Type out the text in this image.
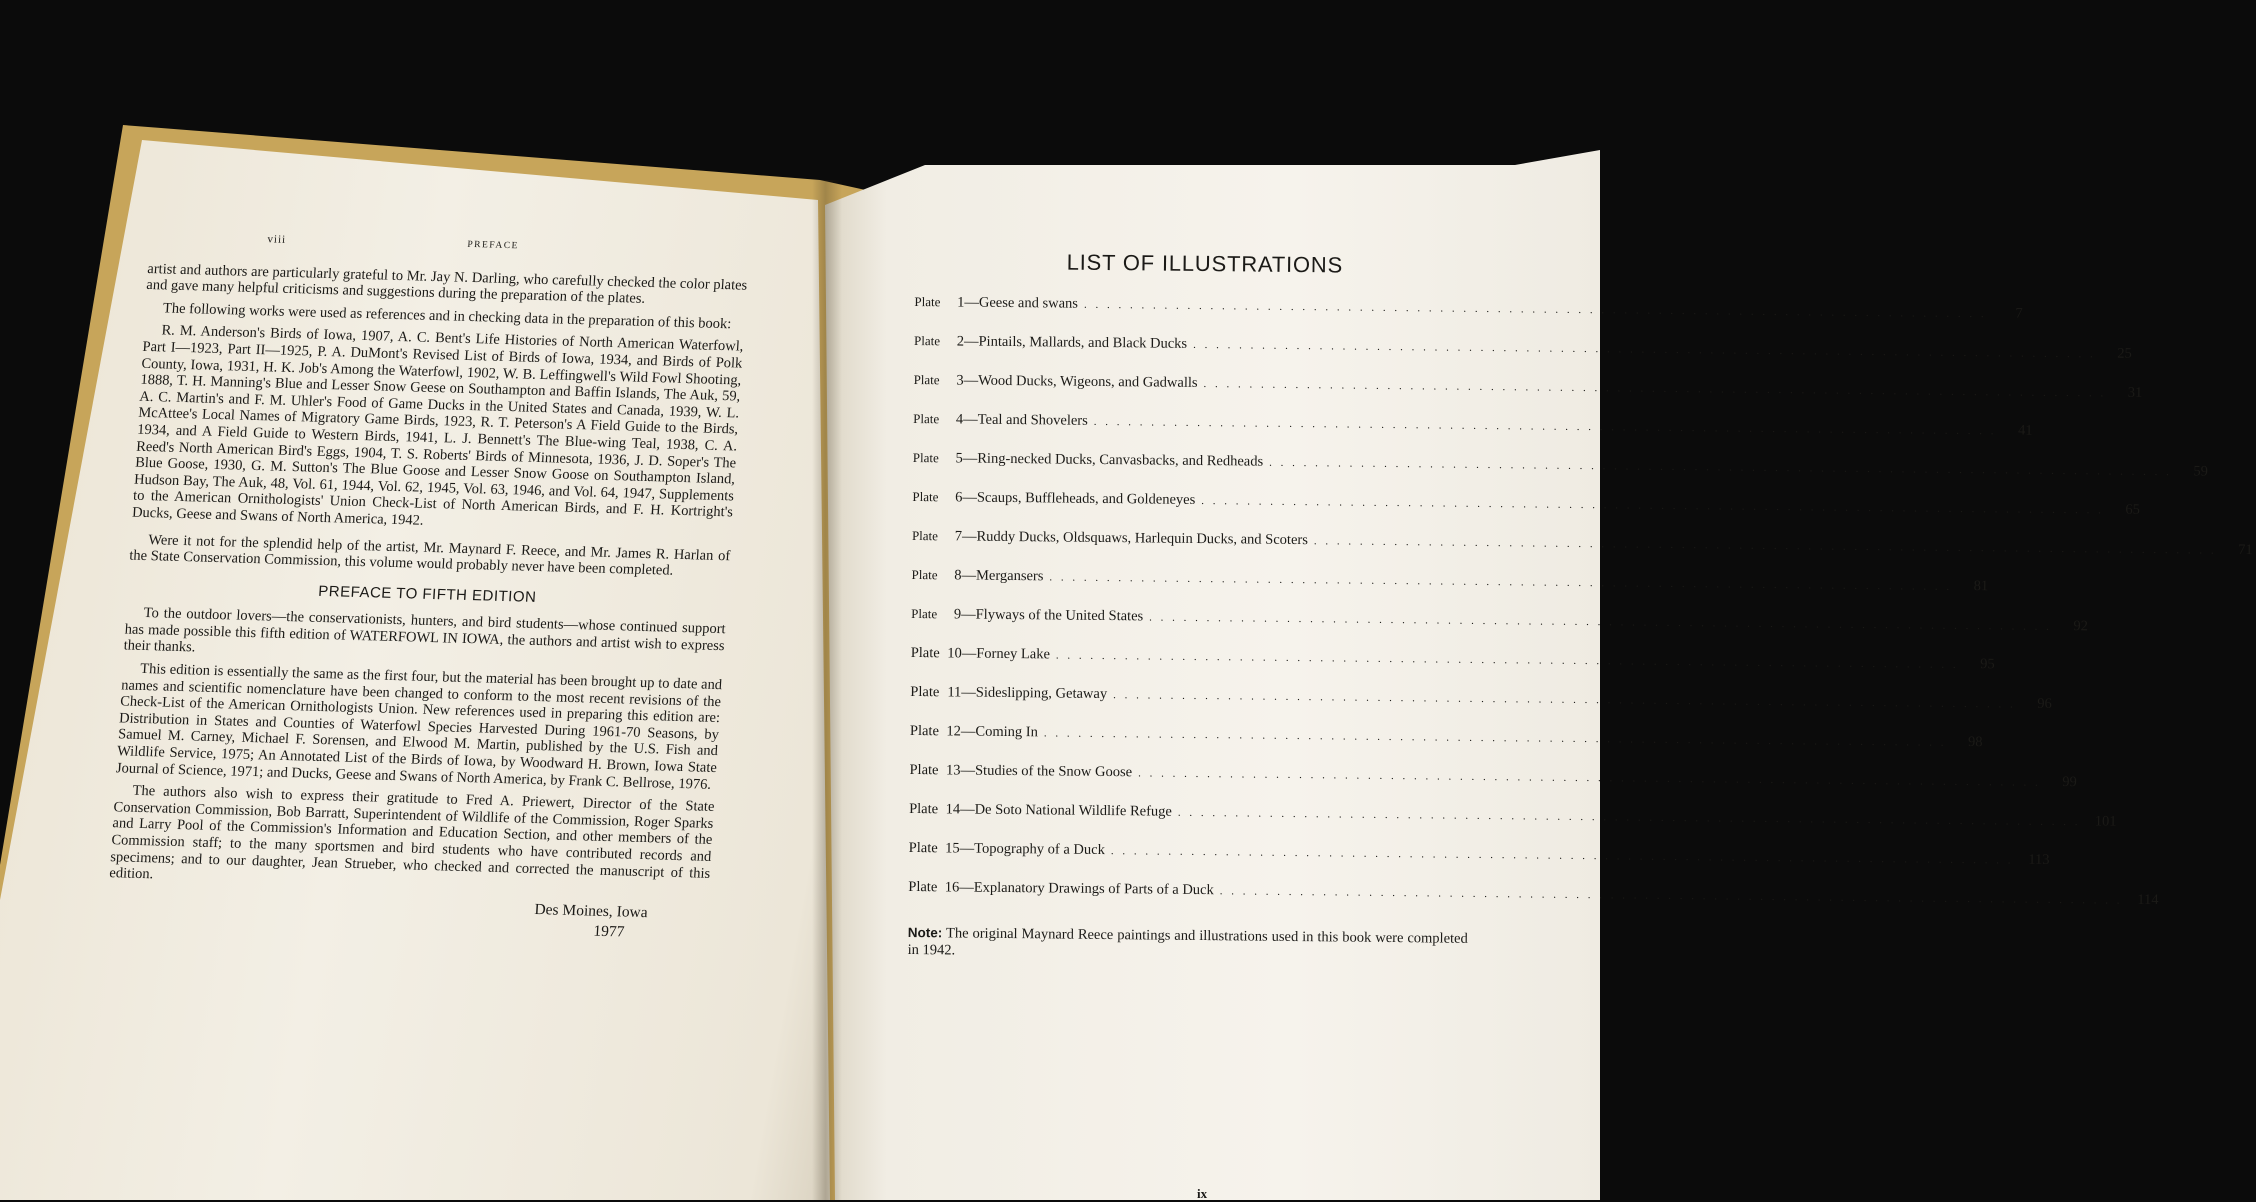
viii	PREFACE

artist and authors are particularly grateful to Mr. Jay N. Darling, who carefully checked the color plates and gave many helpful criticisms and suggestions during the preparation of the plates.

The following works were used as references and in checking data in the preparation of this book:

R. M. Anderson's Birds of Iowa, 1907, A. C. Bent's Life Histories of North American Waterfowl, Part I—1923, Part II—1925, P. A. DuMont's Revised List of Birds of Iowa, 1934, and Birds of Polk County, Iowa, 1931, H. K. Job's Among the Waterfowl, 1902, W. B. Leffingwell's Wild Fowl Shooting, 1888, T. H. Manning's Blue and Lesser Snow Geese on Southampton and Baffin Islands, The Auk, 59, A. C. Martin's and F. M. Uhler's Food of Game Ducks in the United States and Canada, 1939, W. L. McAttee's Local Names of Migratory Game Birds, 1923, R. T. Peterson's A Field Guide to the Birds, 1934, and A Field Guide to Western Birds, 1941, L. J. Bennett's The Blue-wing Teal, 1938, C. A. Reed's North American Bird's Eggs, 1904, T. S. Roberts' Birds of Minnesota, 1936, J. D. Soper's The Blue Goose, 1930, G. M. Sutton's The Blue Goose and Lesser Snow Goose on Southampton Island, Hudson Bay, The Auk, 48, Vol. 61, 1944, Vol. 62, 1945, Vol. 63, 1946, and Vol. 64, 1947, Supplements to the American Ornithologists' Union Check-List of North American Birds, and F. H. Kortright's Ducks, Geese and Swans of North America, 1942.

Were it not for the splendid help of the artist, Mr. Maynard F. Reece, and Mr. James R. Harlan of the State Conservation Commission, this volume would probably never have been completed.

PREFACE TO FIFTH EDITION

To the outdoor lovers—the conservationists, hunters, and bird students—whose continued support has made possible this fifth edition of WATERFOWL IN IOWA, the authors and artist wish to express their thanks.

This edition is essentially the same as the first four, but the material has been brought up to date and names and scientific nomenclature have been changed to conform to the most recent revisions of the Check-List of the American Ornithologists Union. New references used in preparing this edition are: Distribution in States and Counties of Waterfowl Species Harvested During 1961-70 Seasons, by Samuel M. Carney, Michael F. Sorensen, and Elwood M. Martin, published by the U.S. Fish and Wildlife Service, 1975; An Annotated List of the Birds of Iowa, by Woodward H. Brown, Iowa State Journal of Science, 1971; and Ducks, Geese and Swans of North America, by Frank C. Bellrose, 1976.

The authors also wish to express their gratitude to Fred A. Priewert, Director of the State Conservation Commission, Bob Barratt, Superintendent of Wildlife of the Commission, Roger Sparks and Larry Pool of the Commission's Information and Education Section, and other members of the Commission staff; to the many sportsmen and bird students who have contributed records and specimens; and to our daughter, Jean Strueber, who checked and corrected the manuscript of this edition.

Des Moines, Iowa
1977
LIST OF ILLUSTRATIONS
Plate	1 — Geese and swans . . . . . . . . . . . . . . . . . . . . . . . . . . . . . . . . . . . . . . . . . . . . . . . . . . . . . . . . . . . . . . . . . . . . . . . . . . . . . . .	7
Plate	2 — Pintails, Mallards, and Black Ducks . . . . . . . . . . . . . . . . . . . . . . . . . . . . . . . . . . . . . . . . . . . . . . . . . . . . . . . . . . . . . . . . . . . . . . . . . . . . . . .	25
Plate	3 — Wood Ducks, Wigeons, and Gadwalls . . . . . . . . . . . . . . . . . . . . . . . . . . . . . . . . . . . . . . . . . . . . . . . . . . . . . . . . . . . . . . . . . . . . . . . . . . . . . . .	31
Plate	4 — Teal and Shovelers . . . . . . . . . . . . . . . . . . . . . . . . . . . . . . . . . . . . . . . . . . . . . . . . . . . . . . . . . . . . . . . . . . . . . . . . . . . . . . .	41
Plate	5 — Ring-necked Ducks, Canvasbacks, and Redheads . . . . . . . . . . . . . . . . . . . . . . . . . . . . . . . . . . . . . . . . . . . . . . . . . . . . . . . . . . . . . . . . . . . . . . . . . . . . . . .	59
Plate	6 — Scaups, Buffleheads, and Goldeneyes . . . . . . . . . . . . . . . . . . . . . . . . . . . . . . . . . . . . . . . . . . . . . . . . . . . . . . . . . . . . . . . . . . . . . . . . . . . . . . .	65
Plate	7 — Ruddy Ducks, Oldsquaws, Harlequin Ducks, and Scoters . . . . . . . . . . . . . . . . . . . . . . . . . . . . . . . . . . . . . . . . . . . . . . . . . . . . . . . . . . . . . . . . . . . . . . . . . . . . . . .	71
Plate	8 — Mergansers . . . . . . . . . . . . . . . . . . . . . . . . . . . . . . . . . . . . . . . . . . . . . . . . . . . . . . . . . . . . . . . . . . . . . . . . . . . . . . .	81
Plate	9 — Flyways of the United States . . . . . . . . . . . . . . . . . . . . . . . . . . . . . . . . . . . . . . . . . . . . . . . . . . . . . . . . . . . . . . . . . . . . . . . . . . . . . . .	92
Plate 10 — Forney Lake . . . . . . . . . . . . . . . . . . . . . . . . . . . . . . . . . . . . . . . . . . . . . . . . . . . . . . . . . . . . . . . . . . . . . . . . . . . . . . .	95
Plate 11 — Sideslipping, Getaway . . . . . . . . . . . . . . . . . . . . . . . . . . . . . . . . . . . . . . . . . . . . . . . . . . . . . . . . . . . . . . . . . . . . . . . . . . . . . . .	96
Plate 12 — Coming In . . . . . . . . . . . . . . . . . . . . . . . . . . . . . . . . . . . . . . . . . . . . . . . . . . . . . . . . . . . . . . . . . . . . . . . . . . . . . . .	98
Plate 13 — Studies of the Snow Goose . . . . . . . . . . . . . . . . . . . . . . . . . . . . . . . . . . . . . . . . . . . . . . . . . . . . . . . . . . . . . . . . . . . . . . . . . . . . . . .	99
Plate 14 — De Soto National Wildlife Refuge . . . . . . . . . . . . . . . . . . . . . . . . . . . . . . . . . . . . . . . . . . . . . . . . . . . . . . . . . . . . . . . . . . . . . . . . . . . . . . . 101
Plate 15 — Topography of a Duck . . . . . . . . . . . . . . . . . . . . . . . . . . . . . . . . . . . . . . . . . . . . . . . . . . . . . . . . . . . . . . . . . . . . . . . . . . . . . . .	113
Plate 16 — Explanatory Drawings of Parts of a Duck . . . . . . . . . . . . . . . . . . . . . . . . . . . . . . . . . . . . . . . . . . . . . . . . . . . . . . . . . . . . . . . . . . . . . . . . . . . . . . .	114
Note: The original Maynard Reece paintings and illustrations used in this book were completed in 1942.
ix
